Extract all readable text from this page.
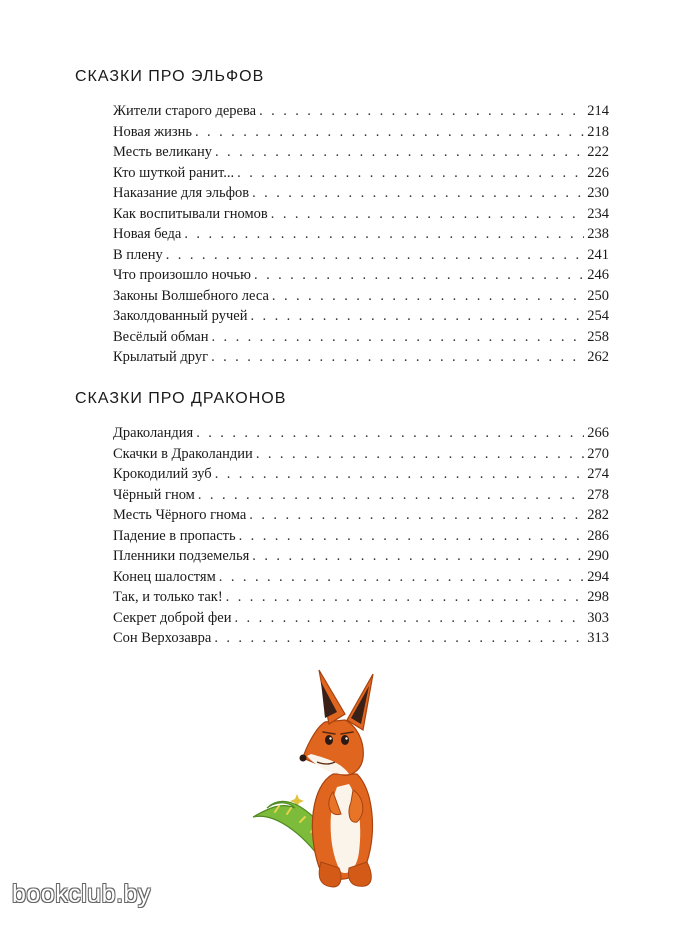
СКАЗКИ ПРО ЭЛЬФОВ
Жители старого дерева . . .	214
Новая жизнь . . .	218
Месть великану . . .	222
Кто шуткой ранит... . . .	226
Наказание для эльфов . . .	230
Как воспитывали гномов . . .	234
Новая беда . . .	238
В плену . . .	241
Что произошло ночью . . .	246
Законы Волшебного леса . . .	250
Заколдованный ручей . . .	254
Весёлый обман . . .	258
Крылатый друг . . .	262
СКАЗКИ ПРО ДРАКОНОВ
Драколандия . . .	266
Скачки в Драколандии . . .	270
Крокодилий зуб . . .	274
Чёрный гном . . .	278
Месть Чёрного гнома . . .	282
Падение в пропасть . . .	286
Пленники подземелья . . .	290
Конец шалостям . . .	294
Так, и только так! . . .	298
Секрет доброй феи . . .	303
Сон Верхозавра . . .	313
bookclub.by
